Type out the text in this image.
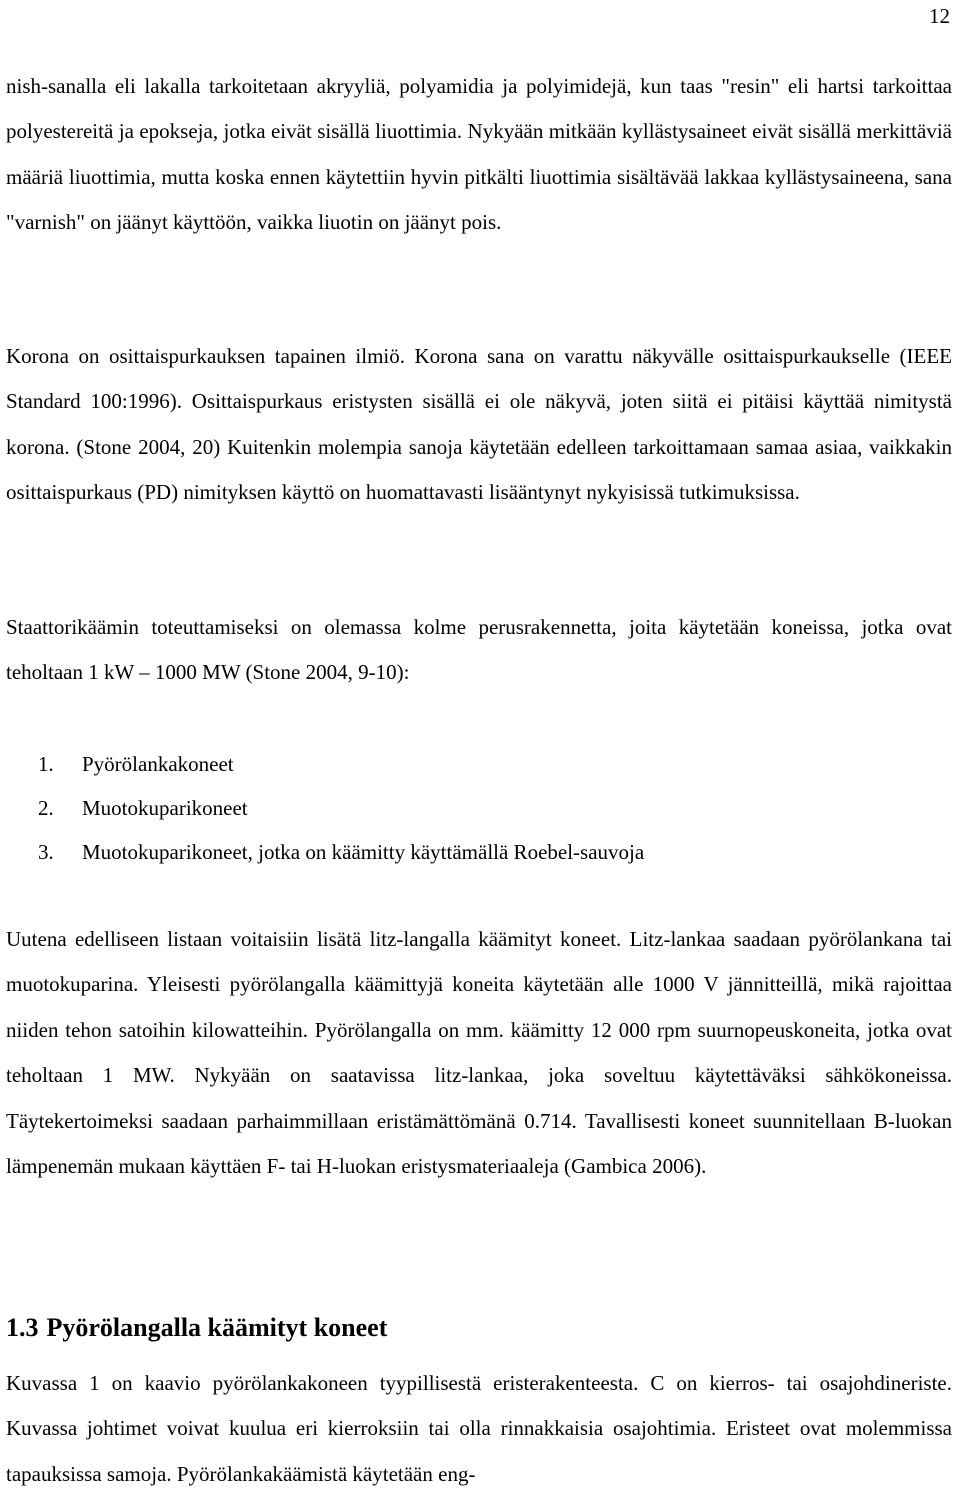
12

nish-sanalla eli lakalla tarkoitetaan akryyliä, polyamidia ja polyimidejä, kun taas "resin" eli hartsi tarkoittaa polyestereitä ja epokseja, jotka eivät sisällä liuottimia. Nykyään mitkään kyllästysaineet eivät sisällä merkittäviä määriä liuottimia, mutta koska ennen käytettiin hyvin pitkälti liuottimia sisältävää lakkaa kyllästysaineena, sana "varnish" on jäänyt käyttöön, vaikka liuotin on jäänyt pois.

Korona on osittaispurkauksen tapainen ilmiö. Korona sana on varattu näkyvälle osittaispurkaukselle (IEEE Standard 100:1996). Osittaispurkaus eristysten sisällä ei ole näkyvä, joten siitä ei pitäisi käyttää nimitystä korona. (Stone 2004, 20) Kuitenkin molempia sanoja käytetään edelleen tarkoittamaan samaa asiaa, vaikkakin osittaispurkaus (PD) nimityksen käyttö on huomattavasti lisääntynyt nykyisissä tutkimuksissa.

Staattorikäämin toteuttamiseksi on olemassa kolme perusrakennetta, joita käytetään koneissa, jotka ovat teholtaan 1 kW – 1000 MW (Stone 2004, 9-10):

1. Pyörölankakoneet
2. Muotokuparikoneet
3. Muotokuparikoneet, jotka on käämitty käyttämällä Roebel-sauvoja

Uutena edelliseen listaan voitaisiin lisätä litz-langalla käämityt koneet. Litz-lankaa saadaan pyörölankana tai muotokuparina. Yleisesti pyörölangalla käämittyjä koneita käytetään alle 1000 V jännitteillä, mikä rajoittaa niiden tehon satoihin kilowatteihin. Pyörölangalla on mm. käämitty 12 000 rpm suurnopeuskoneita, jotka ovat teholtaan 1 MW. Nykyään on saatavissa litz-lankaa, joka soveltuu käytettäväksi sähkökoneissa. Täytekertoimeksi saadaan parhaimmillaan eristämättömänä 0.714. Tavallisesti koneet suunnitellaan B-luokan lämpenemän mukaan käyttäen F- tai H-luokan eristysmateriaaleja (Gambica 2006).

1.3 Pyörölangalla käämityt koneet

Kuvassa 1 on kaavio pyörölankakoneen tyypillisestä eristerakenteesta. C on kierros- tai osajohdineriste. Kuvassa johtimet voivat kuulua eri kierroksiin tai olla rinnakkaisia osajohtimia. Eristeet ovat molemmissa tapauksissa samoja. Pyörölankakäämistä käytetään eng-
